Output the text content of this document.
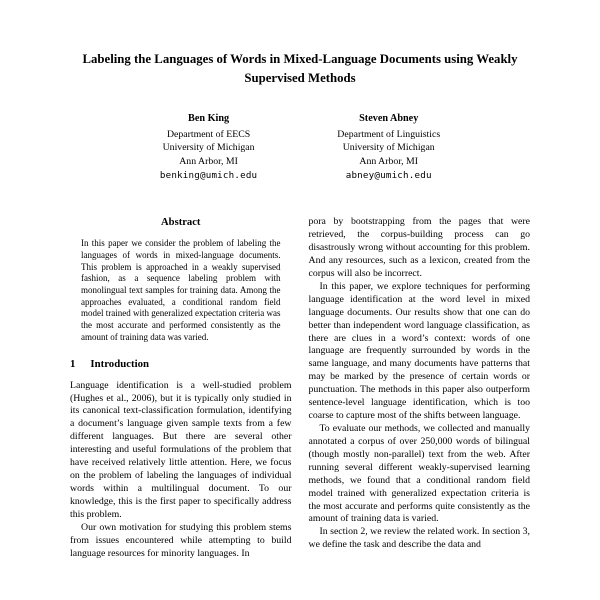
Labeling the Languages of Words in Mixed-Language Documents using Weakly Supervised Methods
Ben King
Department of EECS
University of Michigan
Ann Arbor, MI
benking@umich.edu
Steven Abney
Department of Linguistics
University of Michigan
Ann Arbor, MI
abney@umich.edu
Abstract

In this paper we consider the problem of labeling the languages of words in mixed-language documents. This problem is approached in a weakly supervised fashion, as a sequence labeling problem with monolingual text samples for training data. Among the approaches evaluated, a conditional random field model trained with generalized expectation criteria was the most accurate and performed consistently as the amount of training data was varied.

1 Introduction

Language identification is a well-studied problem (Hughes et al., 2006), but it is typically only studied in its canonical text-classification formulation, identifying a document’s language given sample texts from a few different languages. But there are several other interesting and useful formulations of the problem that have received relatively little attention. Here, we focus on the problem of labeling the languages of individual words within a multilingual document. To our knowledge, this is the first paper to specifically address this problem.

Our own motivation for studying this problem stems from issues encountered while attempting to build language resources for minority languages. In

pora by bootstrapping from the pages that were retrieved, the corpus-building process can go disastrously wrong without accounting for this problem. And any resources, such as a lexicon, created from the corpus will also be incorrect.

In this paper, we explore techniques for performing language identification at the word level in mixed language documents. Our results show that one can do better than independent word language classification, as there are clues in a word’s context: words of one language are frequently surrounded by words in the same language, and many documents have patterns that may be marked by the presence of certain words or punctuation. The methods in this paper also outperform sentence-level language identification, which is too coarse to capture most of the shifts between language.

To evaluate our methods, we collected and manually annotated a corpus of over 250,000 words of bilingual (though mostly non-parallel) text from the web. After running several different weakly-supervised learning methods, we found that a conditional random field model trained with generalized expectation criteria is the most accurate and performs quite consistently as the amount of training data is varied.

In section 2, we review the related work. In section 3, we define the task and describe the data and
